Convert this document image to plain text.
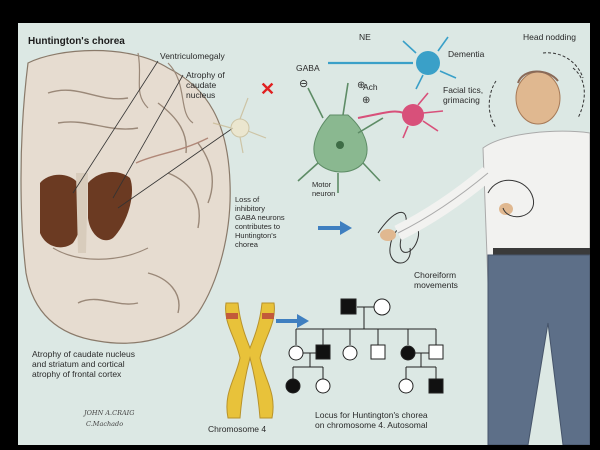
✕
Huntington's chorea
Ventriculomegaly
Atrophy of
caudate
nucleus
GABA
NE
⊕
⊖	Ach
⊕
Motor
neuron
Loss of
inhibitory
GABA neurons
contributes to
Huntington's
chorea
Head nodding
Dementia
Facial tics,
grimacing
Choreiform
movements
Atrophy of caudate nucleus
and striatum and cortical
atrophy of frontal cortex
Chromosome 4
Locus for Huntington's chorea
on chromosome 4. Autosomal
JOHN A.CRAIG
C.Machado
